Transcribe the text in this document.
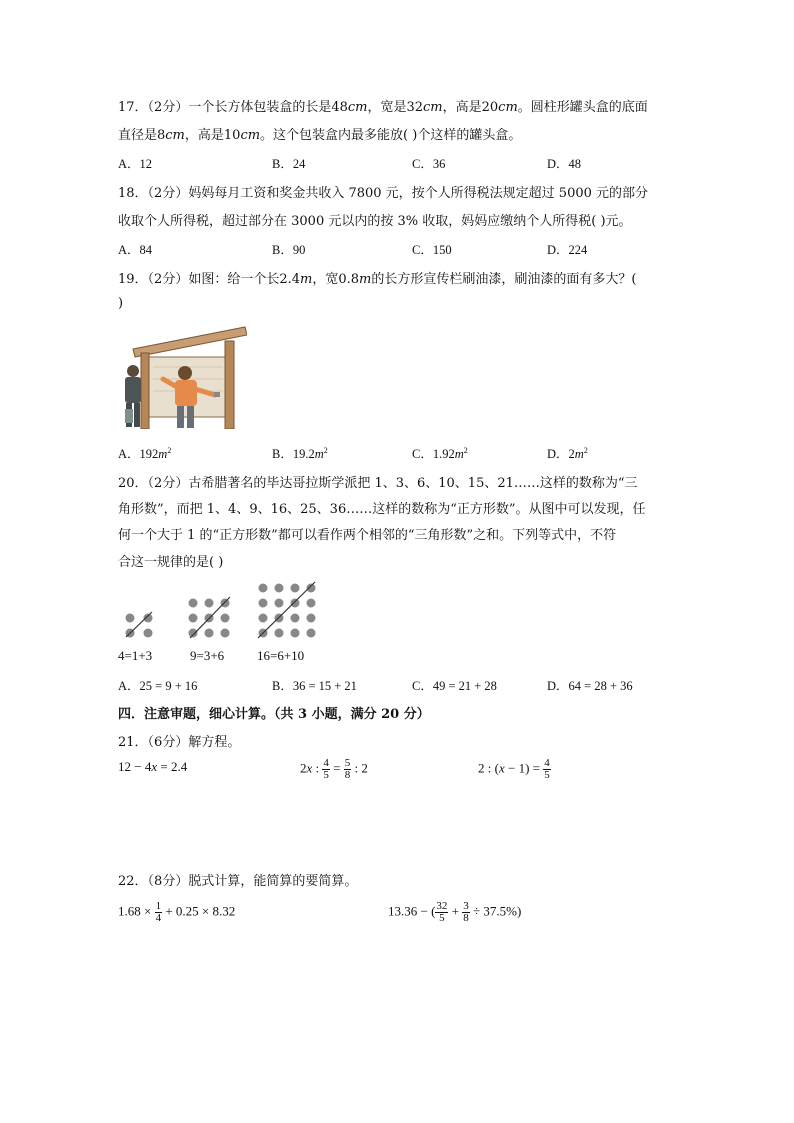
17．（2分）一个长方体包装盒的长是48cm，宽是32cm，高是20cm。圆柱形罐头盒的底面
直径是8cm，高是10cm。这个包装盒内最多能放( )个这样的罐头盒。
A．12	B．24	C．36	D．48
18．（2分）妈妈每月工资和奖金共收入 7800 元，按个人所得税法规定超过 5000 元的部分
收取个人所得税，超过部分在 3000 元以内的按 3% 收取，妈妈应缴纳个人所得税( )元。
A．84	B．90	C．150	D．224
19．（2分）如图：给一个长2.4m，宽0.8m的长方形宣传栏刷油漆，刷油漆的面有多大？(
)
A．$192m^2$	B．$19.2m^2$	C．$1.92m^2$	D．$2m^2$
20．（2分）古希腊著名的毕达哥拉斯学派把 1、3、6、10、15、21……这样的数称为“三
角形数”，而把 1、4、9、16、25、36……这样的数称为“正方形数”。从图中可以发现，任
何一个大于 1 的“正方形数”都可以看作两个相邻的“三角形数”之和。下列等式中，不符
合这一规律的是( )
4=1+3	9=3+6	16=6+10
A．25 = 9 + 16	B．36 = 15 + 21	C．49 = 21 + 28	D．64 = 28 + 36
四．注意审题，细心计算。（共 3 小题，满分 20 分）
21．（6分）解方程。
12 − 4x = 2.4	2x : $\frac{4}{5} = \frac{5}{8}$ : 2	2 : $(x - 1) = \frac{4}{5}$
22．（8分）脱式计算，能简算的要简算。
$1.68 \times \frac{1}{4} + 0.25 \times 8.32$	13.36 − ( $\frac{32}{5} + \frac{3}{8} \div 37.5\%$)
